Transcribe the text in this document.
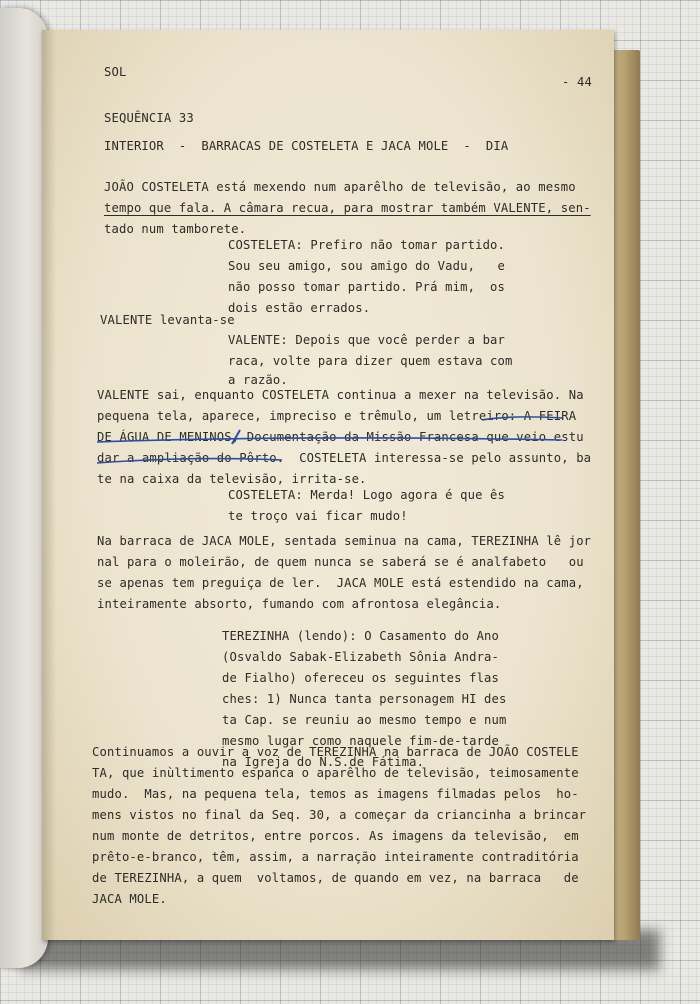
SOL
- 44
SEQUÊNCIA 33
INTERIOR  -  BARRACAS DE COSTELETA E JACA MOLE  -  DIA
JOÃO COSTELETA está mexendo num aparêlho de televisão, ao mesmo
tempo que fala. A câmara recua, para mostrar também VALENTE, sen-
tado num tamborete.
COSTELETA: Prefiro não tomar partido.
Sou seu amigo, sou amigo do Vadu,   e
não posso tomar partido. Prá mim,  os
dois estão errados.
VALENTE levanta-se
VALENTE: Depois que você perder a bar
raca, volte para dizer quem estava com
a razão.
VALENTE sai, enquanto COSTELETA continua a mexer na televisão. Na
pequena tela, aparece, impreciso e trêmulo, um letreiro: A FEIRA
DE ÁGUA DE MENINOS, Documentação da Missão Francesa que veio estu
dar a ampliação do Pôrto.  COSTELETA interessa-se pelo assunto, ba
te na caixa da televisão, irrita-se.
COSTELETA: Merda! Logo agora é que ês
te troço vai ficar mudo!
Na barraca de JACA MOLE, sentada seminua na cama, TEREZINHA lê jor
nal para o moleirão, de quem nunca se saberá se é analfabeto   ou
se apenas tem preguiça de ler.  JACA MOLE está estendido na cama,
inteiramente absorto, fumando com afrontosa elegância.
TEREZINHA (lendo): O Casamento do Ano
(Osvaldo Sabak-Elizabeth Sônia Andra-
de Fialho) ofereceu os seguintes flas
ches: 1) Nunca tanta personagem HI des
ta Cap. se reuniu ao mesmo tempo e num
mesmo lugar como naquele fim-de-tarde
na Igreja do N.S.de Fátima.
Continuamos a ouvir a voz de TEREZINHA na barraca de JOÃO COSTELE
TA, que inùltimento espanca o aparêlho de televisão, teimosamente
mudo.  Mas, na pequena tela, temos as imagens filmadas pelos  ho-
mens vistos no final da Seq. 30, a começar da criancinha a brincar
num monte de detritos, entre porcos. As imagens da televisão,  em
prêto-e-branco, têm, assim, a narração inteiramente contraditória
de TEREZINHA, a quem  voltamos, de quando em vez, na barraca   de
JACA MOLE.
